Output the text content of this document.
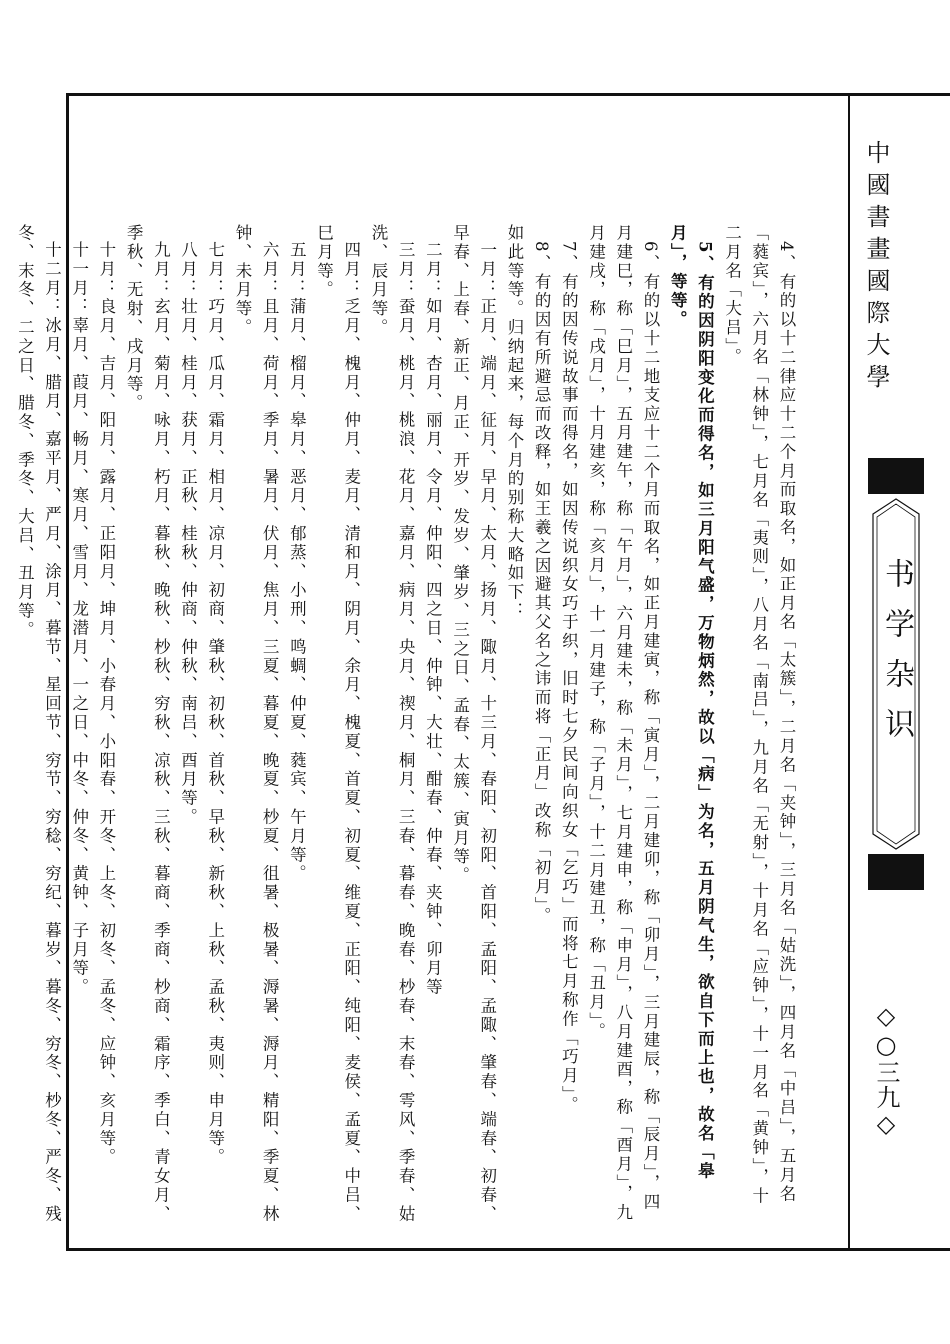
中國書畫國際大學
书学杂识
◇○三九◇

4、有的以十二律应十二个月而取名，如正月名「太簇」，二月名「夹钟」，三月名「姑洗」，四月名「中吕」，五月名「蕤宾」，六月名「林钟」，七月名「夷则」，八月名「南吕」，九月名「无射」，十月名「应钟」，十一月名「黄钟」，十二月名「大吕」。

5、有的因阴阳变化而得名，如三月阳气盛，万物炳然，故以「病」为名，五月阴气生，欲自下而上也，故名「皋月」，等等。

6、有的以十二地支应十二个月而取名，如正月建寅，称「寅月」，二月建卯，称「卯月」，三月建辰，称「辰月」，四月建巳，称「巳月」，五月建午，称「午月」，六月建未，称「未月」，七月建申，称「申月」，八月建酉，称「酉月」，九月建戌，称「戌月」，十月建亥，称「亥月」，十一月建子，称「子月」，十二月建丑，称「丑月」。

7、有的因传说故事而得名，如因传说织女巧于织，旧时七夕民间向织女「乞巧」而将七月称作「巧月」。

8、有的因有所避忌而改释，如王羲之因避其父名之讳而将「正月」改称「初月」。

如此等等。归纳起来，每个月的别称大略如下：

一月：正月、端月、征月、早月、太月、扬月、陬月、十三月、春阳、初阳、首阳、孟阳、孟陬、肇春、端春、初春、早春、上春、新正、月正、开岁、发岁、肇岁、三之日、孟春、太簇、寅月等。

二月：如月、杏月、丽月、令月、仲阳、四之日、仲钟、大壮、酣春、仲春、夹钟、卯月等

三月：蚕月、桃月、桃浪、花月、嘉月、病月、央月、禊月、桐月、三春、暮春、晚春、杪春、末春、雩风、季春、姑洗、辰月等。

四月：乏月、槐月、仲月、麦月、清和月、阴月、余月、槐夏、首夏、初夏、维夏、正阳、纯阳、麦侯、孟夏、中吕、巳月等。

五月：蒲月、榴月、皋月、恶月、郁蒸、小刑、鸣蜩、仲夏、蕤宾、午月等。

六月：且月、荷月、季月、暑月、伏月、焦月、三夏、暮夏、晚夏、杪夏、徂暑、极暑、溽暑、溽月、精阳、季夏、林钟、未月等。

七月：巧月、瓜月、霜月、相月、凉月、初商、肇秋、初秋、首秋、早秋、新秋、上秋、孟秋、夷则、申月等。

八月：壮月、桂月、获月、正秋、桂秋、仲商、仲秋、南吕、酉月等。

九月：玄月、菊月、咏月、朽月、暮秋、晚秋、杪秋、穷秋、凉秋、三秋、暮商、季商、杪商、霜序、季白、青女月、季秋、无射、戌月等。

十月：良月、吉月、阳月、露月、正阳月、坤月、小春月、小阳春、开冬、上冬、初冬、孟冬、应钟、亥月等。

十一月：辜月、葭月、畅月、寒月、雪月、龙潜月、一之日、中冬、仲冬、黄钟、子月等。

十二月：冰月、腊月、嘉平月、严月、涂月、暮节、星回节、穷节、穷稔、穷纪、暮岁、暮冬、穷冬、杪冬、严冬、残冬、末冬、二之日、腊冬、季冬、大吕、丑月等。
